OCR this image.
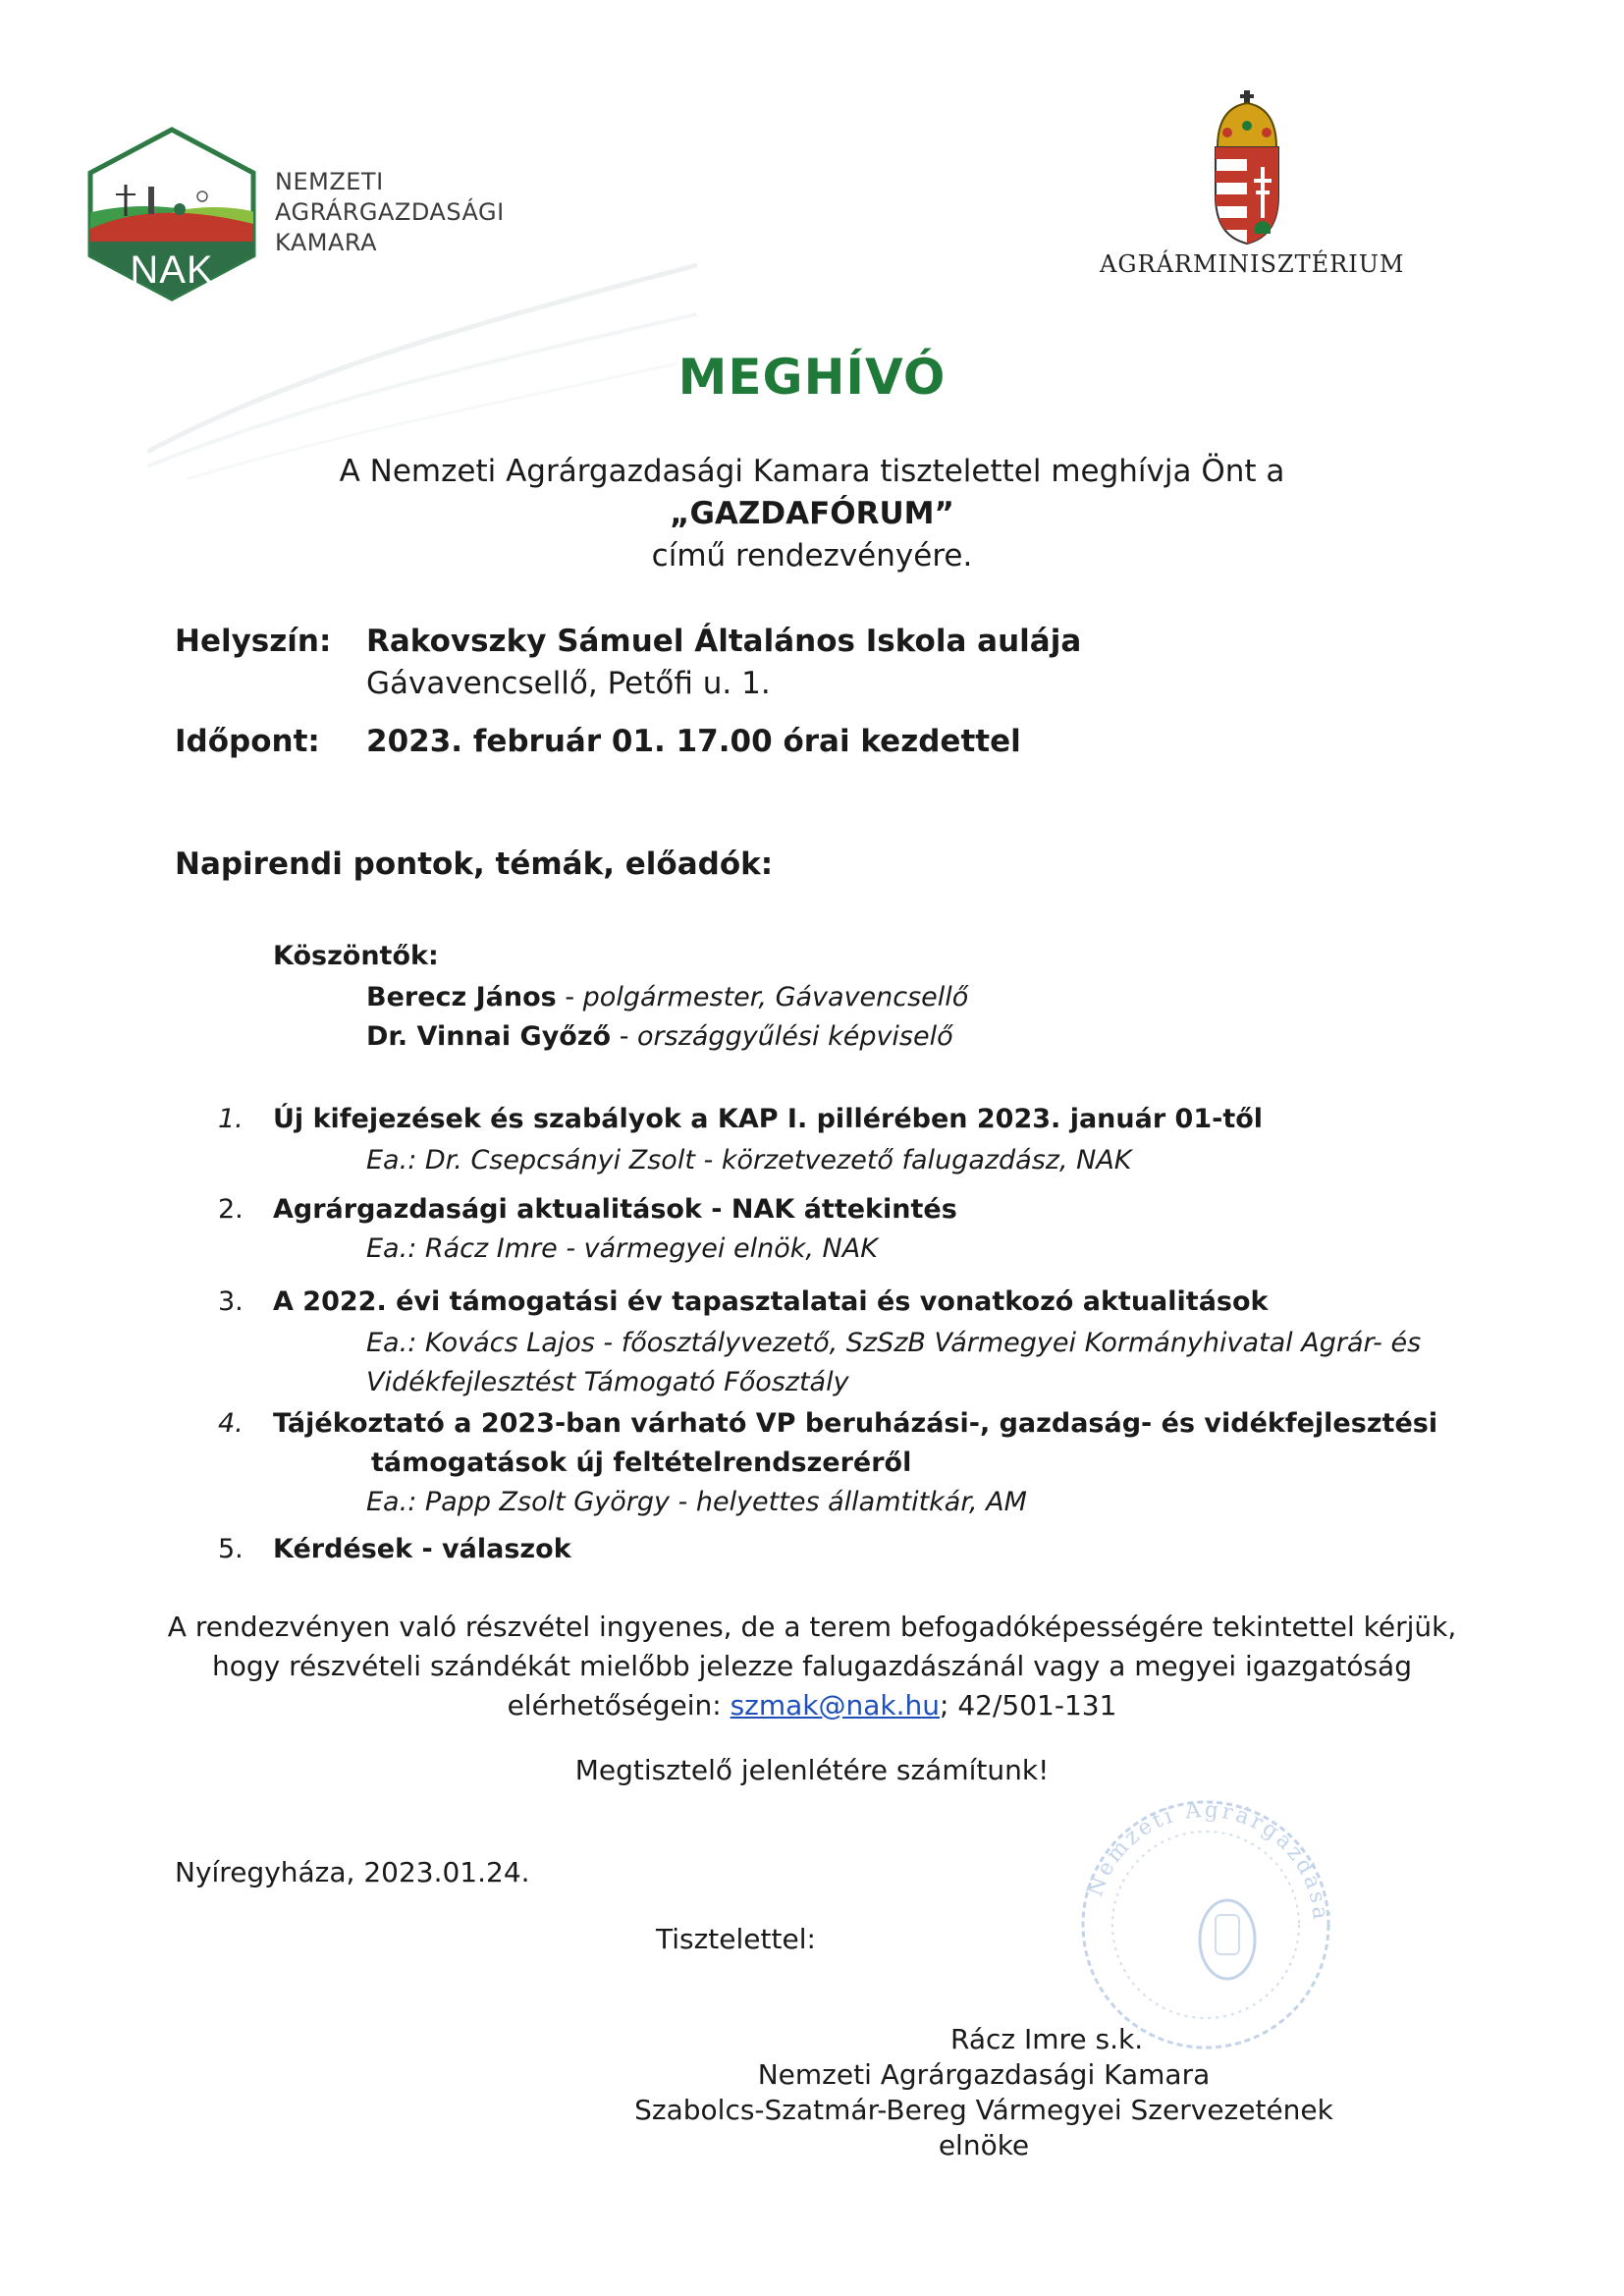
NAK
NEMZETI
AGRÁRGAZDASÁGI
KAMARA
AGRÁRMINISZTÉRIUM
MEGHÍVÓ
A Nemzeti Agrárgazdasági Kamara tisztelettel meghívja Önt a
„GAZDAFÓRUM”
című rendezvényére.
Helyszín: Rakovszky Sámuel Általános Iskola aulája
Gávavencsellő, Petőfi u. 1.
Időpont: 2023. február 01. 17.00 órai kezdettel
Napirendi pontok, témák, előadók:
Köszöntők:
Berecz János - polgármester, Gávavencsellő
Dr. Vinnai Győző - országgyűlési képviselő
1. Új kifejezések és szabályok a KAP I. pillérében 2023. január 01-től
Ea.: Dr. Csepcsányi Zsolt - körzetvezető falugazdász, NAK
2. Agrárgazdasági aktualitások - NAK áttekintés
Ea.: Rácz Imre - vármegyei elnök, NAK
3. A 2022. évi támogatási év tapasztalatai és vonatkozó aktualitások
Ea.: Kovács Lajos - főosztályvezető, SzSzB Vármegyei Kormányhivatal Agrár- és
Vidékfejlesztést Támogató Főosztály
4. Tájékoztató a 2023-ban várható VP beruházási-, gazdaság- és vidékfejlesztési
támogatások új feltételrendszeréről
Ea.: Papp Zsolt György - helyettes államtitkár, AM
5. Kérdések - válaszok
A rendezvényen való részvétel ingyenes, de a terem befogadóképességére tekintettel kérjük,
hogy részvételi szándékát mielőbb jelezze falugazdászánál vagy a megyei igazgatóság
elérhetőségein: szmak@nak.hu; 42/501-131
Megtisztelő jelenlétére számítunk!
Nyíregyháza, 2023.01.24.
Tisztelettel:
Nemzeti Agrárgazdasá
Rácz Imre s.k.
Nemzeti Agrárgazdasági Kamara
Szabolcs-Szatmár-Bereg Vármegyei Szervezetének
elnöke
